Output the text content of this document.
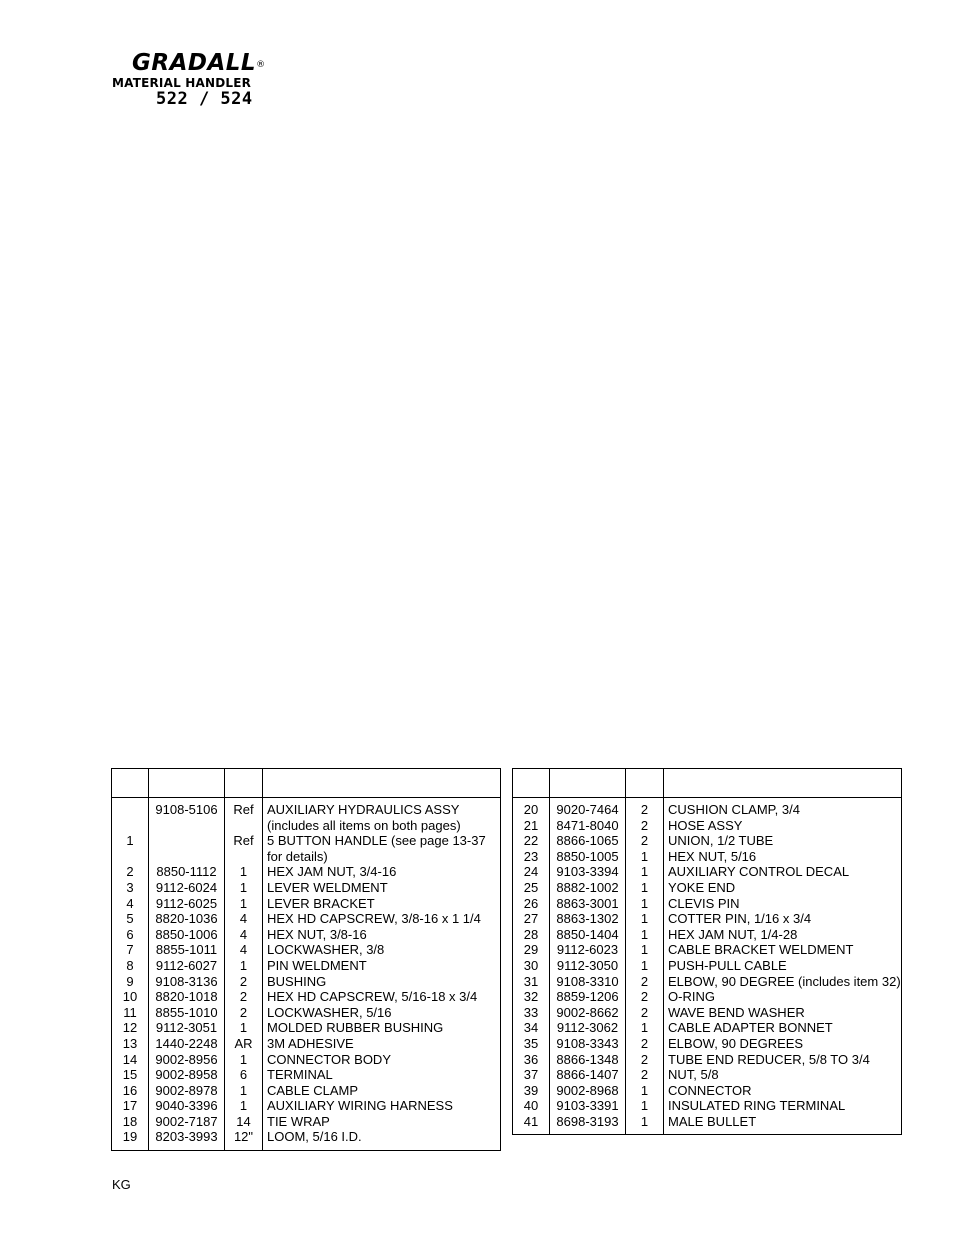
GRADALL®
MATERIAL HANDLER
522 / 524

	9108-5106	Ref	AUXILIARY HYDRAULICS ASSY
			(includes all items on both pages)
1		Ref	5 BUTTON HANDLE (see page 13-37
			for details)
2	8850-1112	1	HEX JAM NUT, 3/4-16
3	9112-6024	1	LEVER WELDMENT
4	9112-6025	1	LEVER BRACKET
5	8820-1036	4	HEX HD CAPSCREW, 3/8-16 x 1 1/4
6	8850-1006	4	HEX NUT, 3/8-16
7	8855-1011	4	LOCKWASHER, 3/8
8	9112-6027	1	PIN WELDMENT
9	9108-3136	2	BUSHING
10	8820-1018	2	HEX HD CAPSCREW, 5/16-18 x 3/4
11	8855-1010	2	LOCKWASHER, 5/16
12	9112-3051	1	MOLDED RUBBER BUSHING
13	1440-2248	AR	3M ADHESIVE
14	9002-8956	1	CONNECTOR BODY
15	9002-8958	6	TERMINAL
16	9002-8978	1	CABLE CLAMP
17	9040-3396	1	AUXILIARY WIRING HARNESS
18	9002-7187	14	TIE WRAP
19	8203-3993	12"	LOOM, 5/16 I.D.

20	9020-7464	2	CUSHION CLAMP, 3/4
21	8471-8040	2	HOSE ASSY
22	8866-1065	2	UNION, 1/2 TUBE
23	8850-1005	1	HEX NUT, 5/16
24	9103-3394	1	AUXILIARY CONTROL DECAL
25	8882-1002	1	YOKE END
26	8863-3001	1	CLEVIS PIN
27	8863-1302	1	COTTER PIN, 1/16 x 3/4
28	8850-1404	1	HEX JAM NUT, 1/4-28
29	9112-6023	1	CABLE BRACKET WELDMENT
30	9112-3050	1	PUSH-PULL CABLE
31	9108-3310	2	ELBOW, 90 DEGREE (includes item 32)
32	8859-1206	2	O-RING
33	9002-8662	2	WAVE BEND WASHER
34	9112-3062	1	CABLE ADAPTER BONNET
35	9108-3343	2	ELBOW, 90 DEGREES
36	8866-1348	2	TUBE END REDUCER, 5/8 TO 3/4
37	8866-1407	2	NUT, 5/8
39	9002-8968	1	CONNECTOR
40	9103-3391	1	INSULATED RING TERMINAL
41	8698-3193	1	MALE BULLET

KG
